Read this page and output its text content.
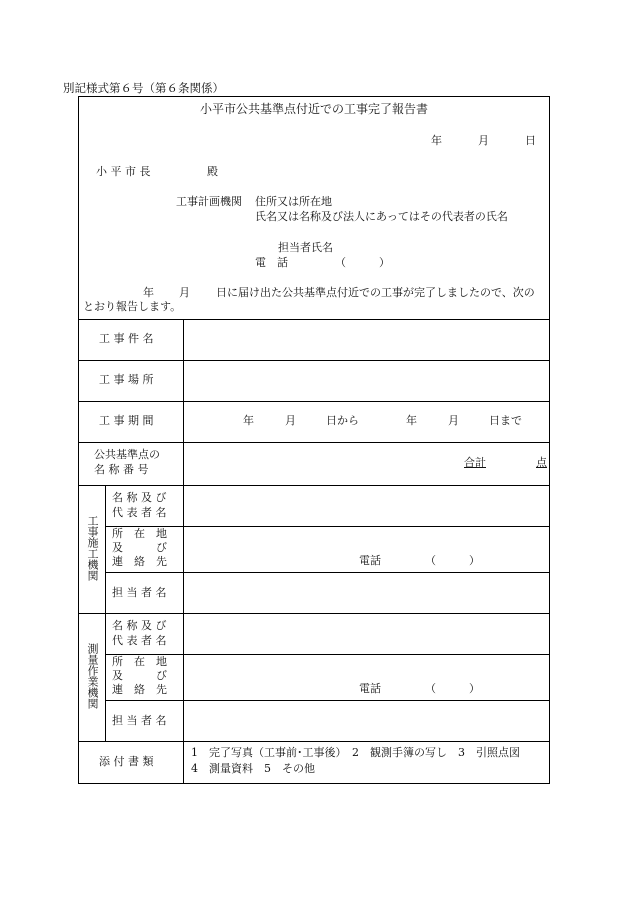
別記様式第６号（第６条関係）
小平市公共基準点付近での工事完了報告書
年	月	日
小 平 市 長	殿
工事計画機関 住所又は所在地
氏名又は名称及び法人にあってはその代表者の氏名
担当者氏名
電　話	（　　　）
年 月 日に届け出た公共基準点付近での工事が完了しましたので、次の
とおり報告します。
工 事 件 名
工 事 場 所
工 事 期 間	年	月	日から	年	月	日まで
公共基準点の
名 称 番 号
合計	点
工事施工機関
名 称 及 び
代 表 者 名
所　在　地
及　　　び
連　絡　先	電話	（　　　）
担 当 者 名
測量作業機関
名 称 及 び
代 表 者 名
所　在　地
及　　　び
連　絡　先	電話	（　　　）
担 当 者 名
添 付 書 類
1　完了写真（工事前･工事後）　2　観測手簿の写し　3　引照点図
4　測量資料　5　その他
